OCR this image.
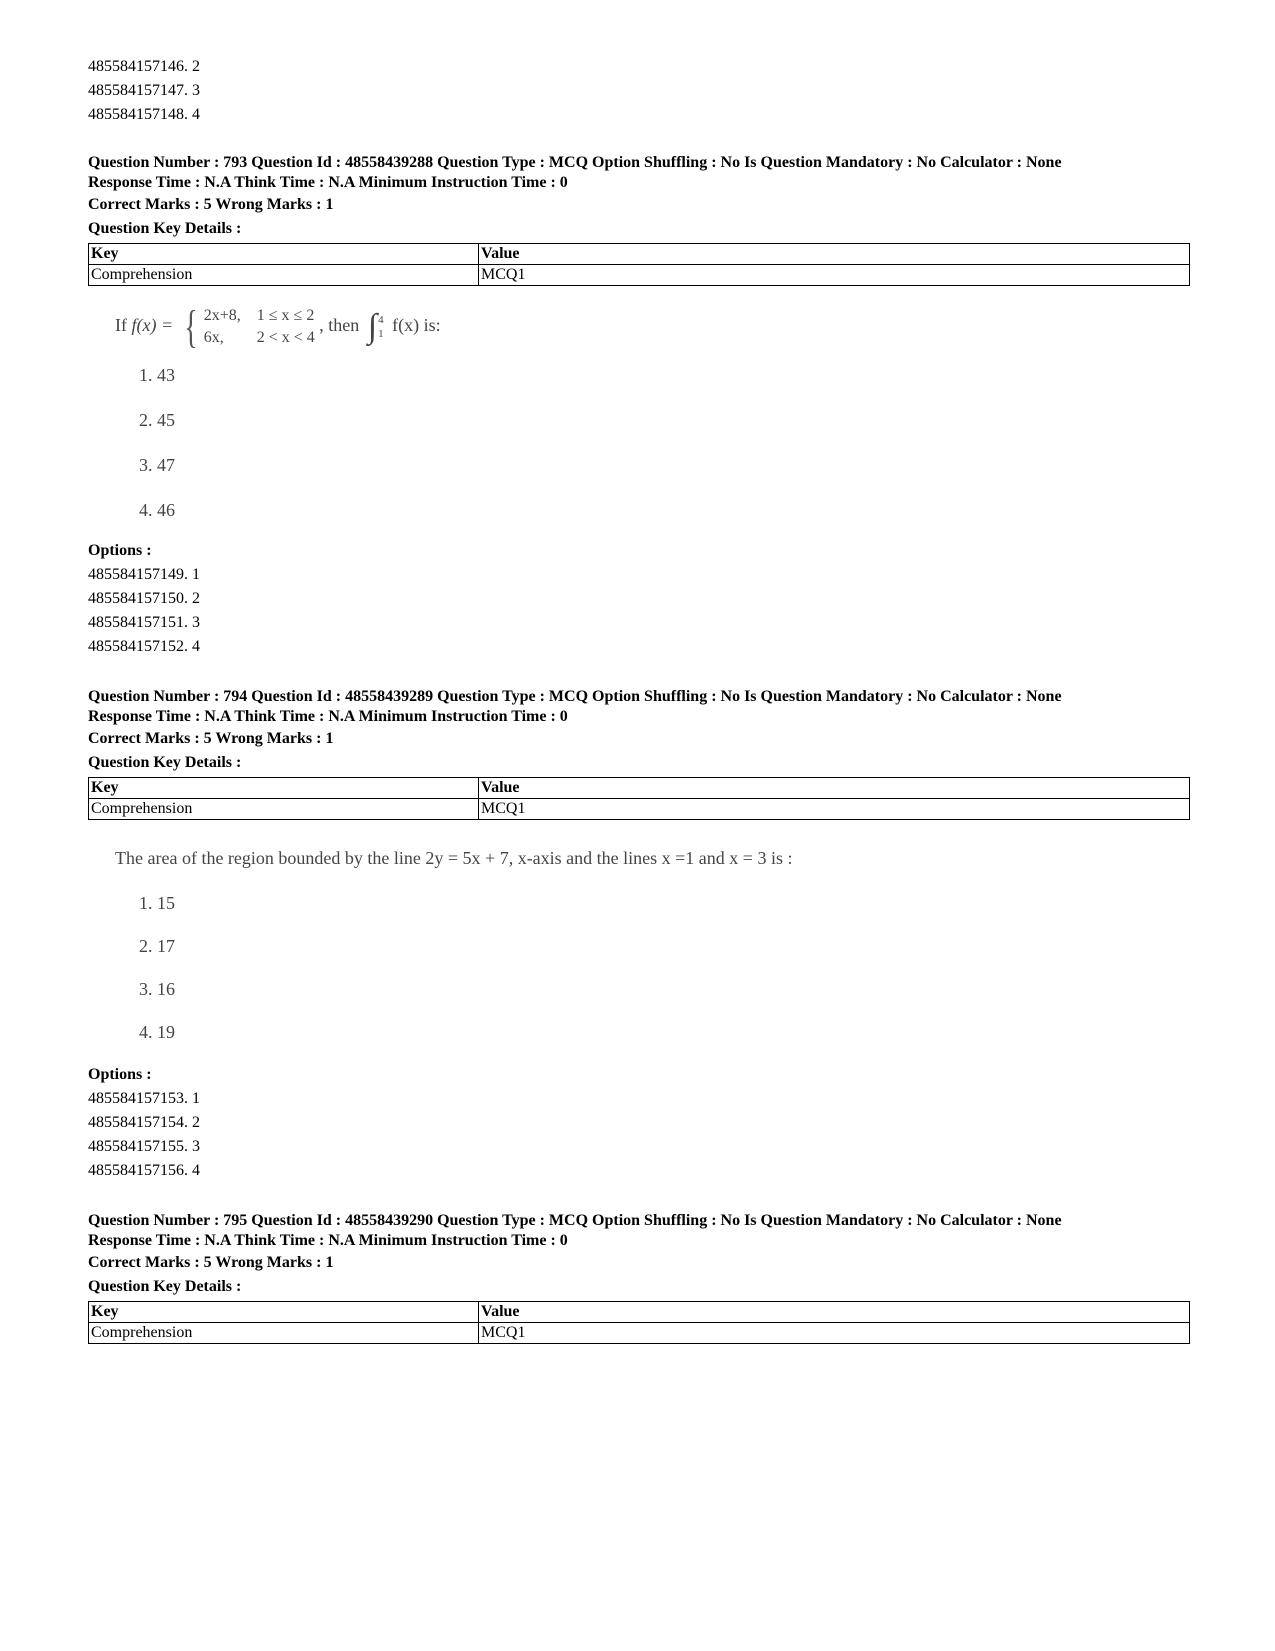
485584157146. 2
485584157147. 3
485584157148. 4
Question Number : 793 Question Id : 48558439288 Question Type : MCQ Option Shuffling : No Is Question Mandatory : No Calculator : None
Response Time : N.A Think Time : N.A Minimum Instruction Time : 0
Correct Marks : 5 Wrong Marks : 1
Question Key Details :
Key	Value
Comprehension	MCQ1
If f(x) = { 2x+8, 1 ≤ x ≤ 2
6x,	2 < x < 4
, then ∫ 4
1 f(x) is:
1. 43
2. 45
3. 47
4. 46
Options :
485584157149. 1
485584157150. 2
485584157151. 3
485584157152. 4
Question Number : 794 Question Id : 48558439289 Question Type : MCQ Option Shuffling : No Is Question Mandatory : No Calculator : None
Response Time : N.A Think Time : N.A Minimum Instruction Time : 0
Correct Marks : 5 Wrong Marks : 1
Question Key Details :
Key	Value
Comprehension	MCQ1
The area of the region bounded by the line 2y = 5x + 7, x-axis and the lines x =1 and x = 3 is :
1. 15
2. 17
3. 16
4. 19
Options :
485584157153. 1
485584157154. 2
485584157155. 3
485584157156. 4
Question Number : 795 Question Id : 48558439290 Question Type : MCQ Option Shuffling : No Is Question Mandatory : No Calculator : None
Response Time : N.A Think Time : N.A Minimum Instruction Time : 0
Correct Marks : 5 Wrong Marks : 1
Question Key Details :
Key	Value
Comprehension	MCQ1
